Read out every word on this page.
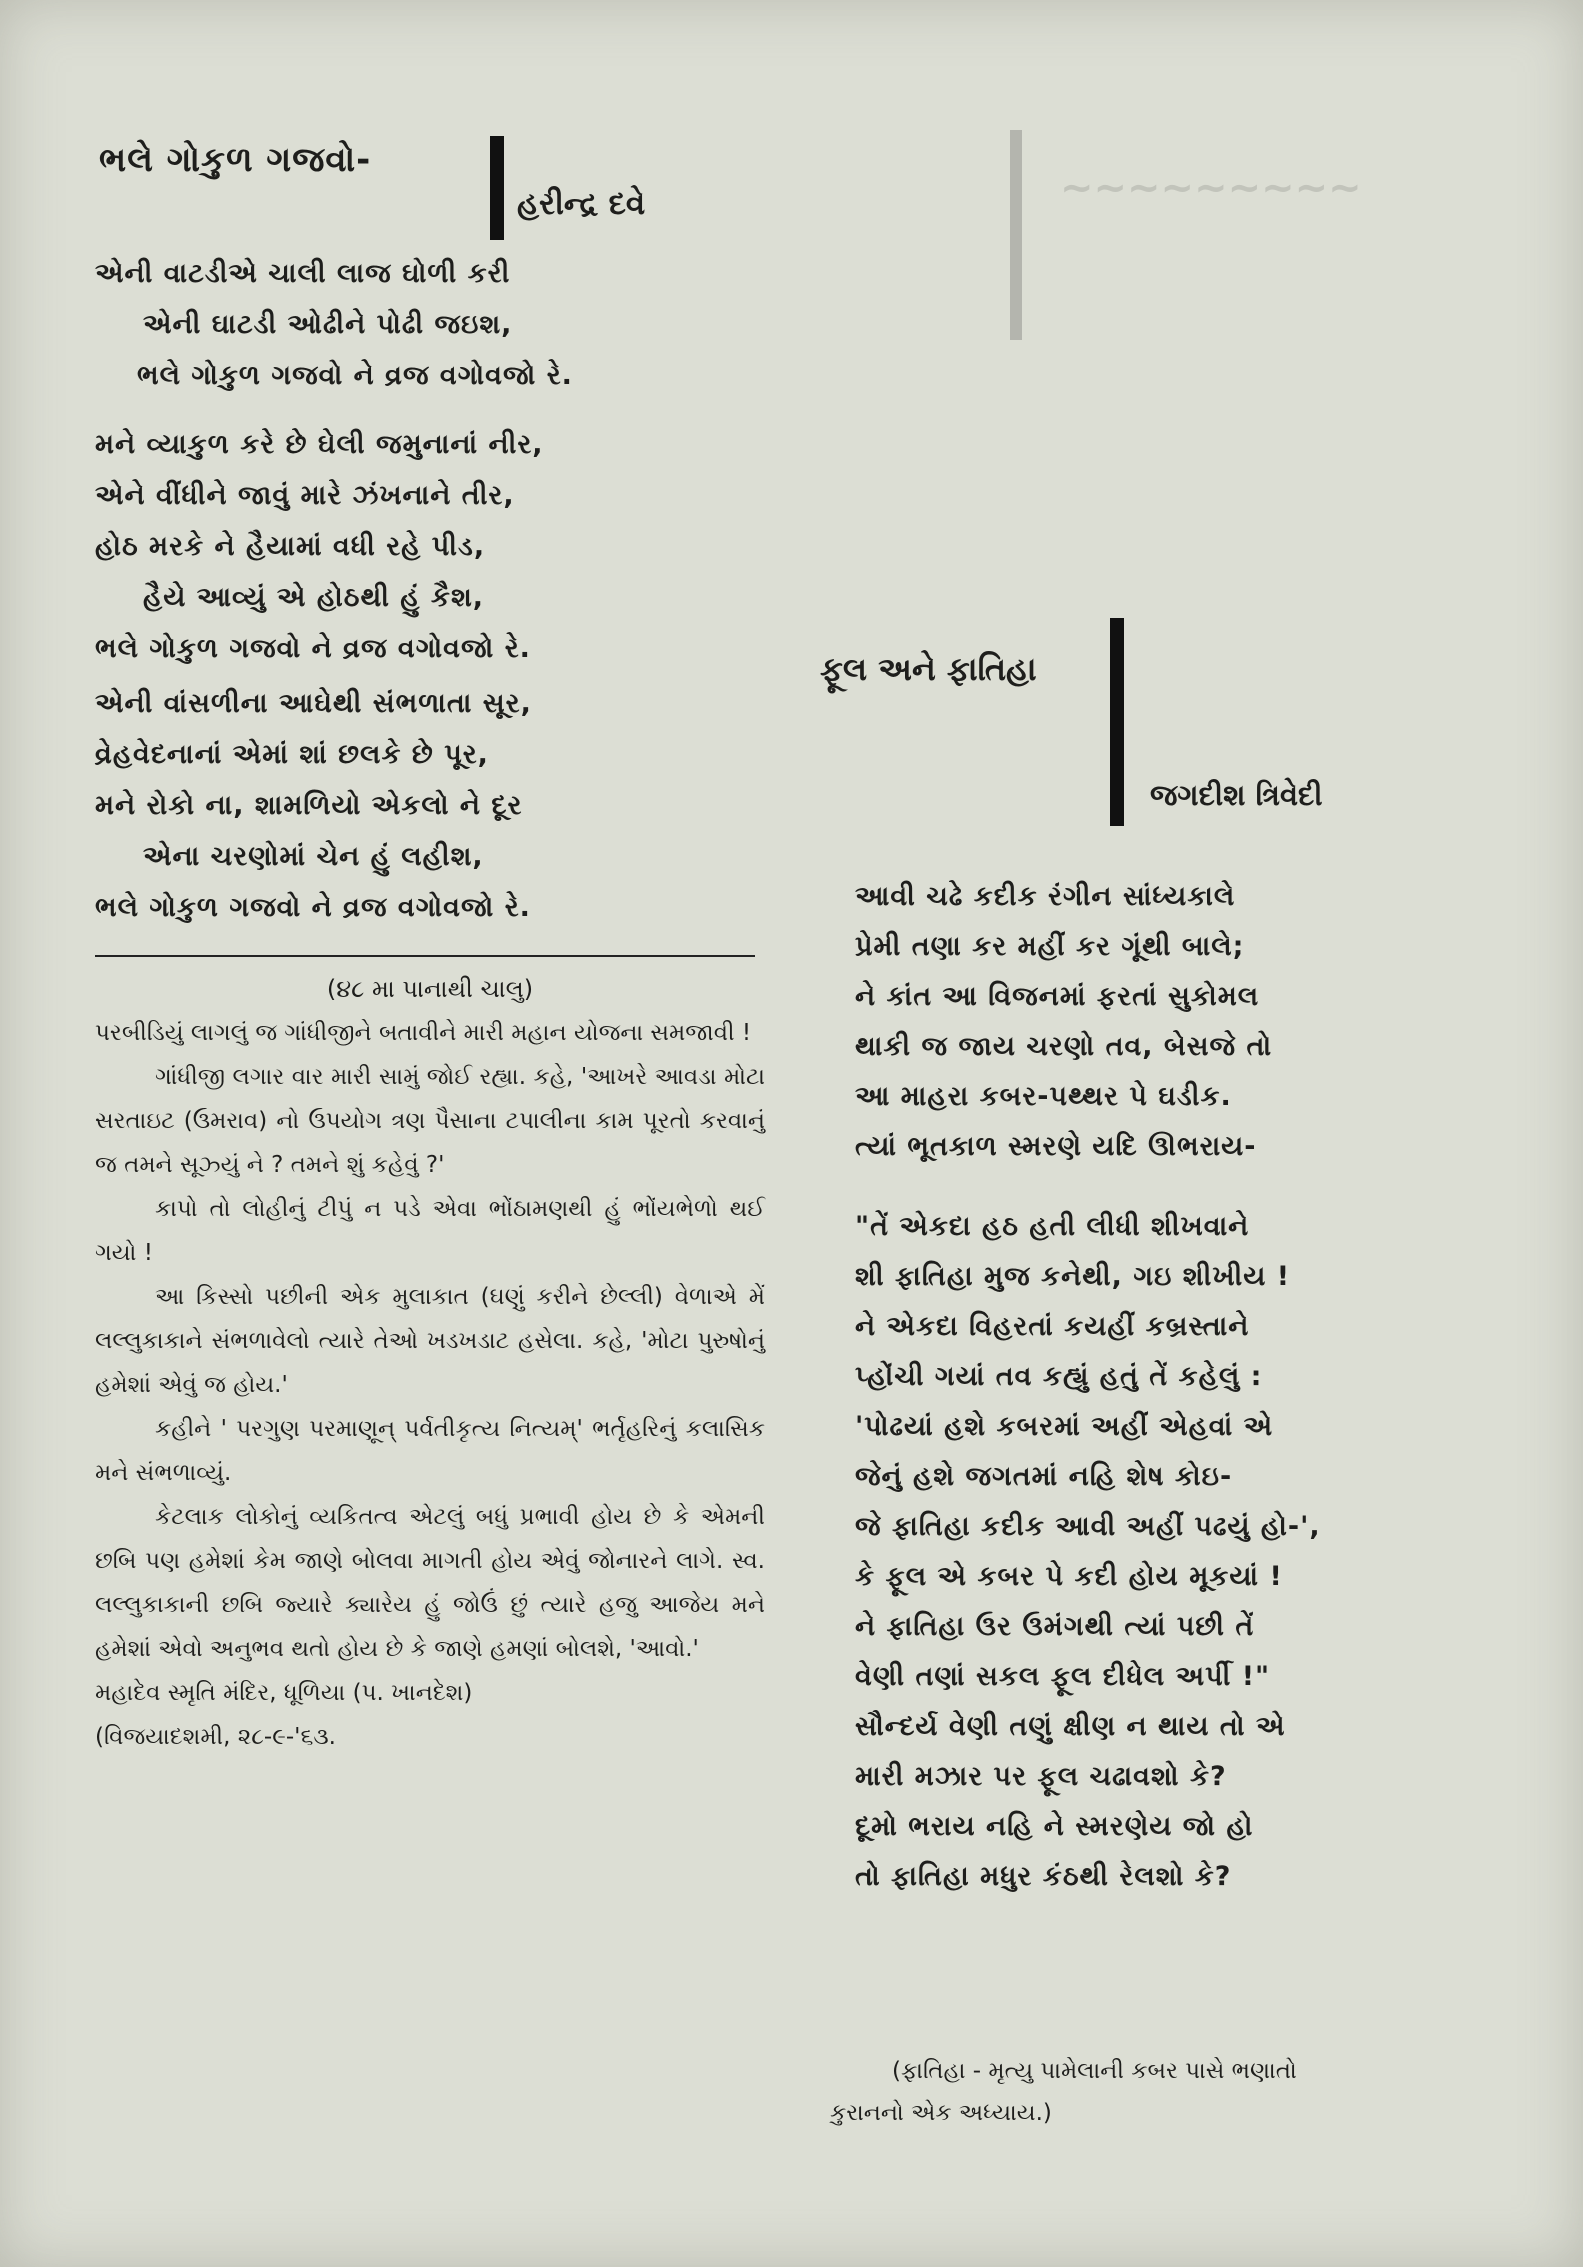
~~~~~~~~~
ભલે ગોકુળ ગજવો-
હરીન્દ્ર દવે
એની વાટડીએ ચાલી લાજ ઘોળી કરી
એની ઘાટડી ઓઢીને પોઢી જઇશ,
ભલે ગોકુળ ગજવો ને વ્રજ વગોવજો રે.
મને વ્યાકુળ કરે છે ઘેલી જમુનાનાં નીર,
એને વીંધીને જાવું મારે ઝંખનાને તીર,
હોઠ મરકે ને હૈયામાં વધી રહે પીડ,
હૈયે આવ્યું એ હોઠથી હું કૈશ,
ભલે ગોકુળ ગજવો ને વ્રજ વગોવજો રે.
એની વાંસળીના આઘેથી સંભળાતા સૂર,
વ્રેહવેદનાનાં એમાં શાં છલકે છે પૂર,
મને રોકો ના, શામળિયો એકલો ને દૂર
એના ચરણોમાં ચેન હું લહીશ,
ભલે ગોકુળ ગજવો ને વ્રજ વગોવજો રે.
(૪૮ મા પાનાથી ચાલુ)

પરબીડિયું લાગલું જ ગાંધીજીને બતાવીને મારી મહાન યોજના સમજાવી !

ગાંધીજી લગાર વાર મારી સામું જોઈ રહ્યા. કહે, 'આખરે આવડા મોટા સરતાઇટ (ઉમરાવ) નો ઉપયોગ ત્રણ પૈસાના ટપાલીના કામ પૂરતો કરવાનું જ તમને સૂઝ્યું ને ? તમને શું કહેવું ?'

કાપો તો લોહીનું ટીપું ન પડે એવા ભોંઠામણથી હું ભોંયભેળો થઈ ગયો !

આ કિસ્સો પછીની એક મુલાકાત (ઘણું કરીને છેલ્લી) વેળાએ મેં લલ્લુકાકાને સંભળાવેલો ત્યારે તેઓ ખડખડાટ હસેલા. કહે, 'મોટા પુરુષોનું હમેશાં એવું જ હોય.'

કહીને ' પરગુણ પરમાણૂન્ પર્વતીકૃત્ય નિત્યમ્' ભર્તૃહરિનું કલાસિક મને સંભળાવ્યું.

કેટલાક લોકોનું વ્યકિતત્વ એટલું બધું પ્રભાવી હોય છે કે એમની છબિ પણ હમેશાં કેમ જાણે બોલવા માગતી હોય એવું જોનારને લાગે. સ્વ. લલ્લુકાકાની છબિ જ્યારે ક્યારેય હું જોઉં છું ત્યારે હજુ આજેય મને હમેશાં એવો અનુભવ થતો હોય છે કે જાણે હમણાં બોલશે, 'આવો.'

મહાદેવ સ્મૃતિ મંદિર, ધૂળિયા (પ. ખાનદેશ)
(વિજયાદશમી, ૨૮-૯-'૬૩.
ફૂલ અને ફાતિહા
જગદીશ ત્રિવેદી
આવી ચઢે કદીક રંગીન સાંધ્યકાલે
પ્રેમી તણા કર મહીં કર ગૂંથી બાલે;
ને કાંત આ વિજનમાં ફરતાં સુકોમલ
થાકી જ જાય ચરણો તવ, બેસજે તો
આ માહરા કબર-પથ્થર પે ઘડીક.
ત્યાં ભૂતકાળ સ્મરણે યદિ ઊભરાય-
"તેં એકદા હઠ હતી લીધી શીખવાને
શી ફાતિહા મુજ કનેથી, ગઇ શીખીય !
ને એકદા વિહરતાં કયહીં કબ્રસ્તાને
પ્હોંચી ગયાં તવ કહ્યું હતું તેં કહેલું :
'પોઢયાં હશે કબરમાં અહીં એહવાં એ
જેનું હશે જગતમાં નહિ શેષ કોઇ-
જે ફાતિહા કદીક આવી અહીં પઢયું હો-',
કે ફૂલ એ કબર પે કદી હોય મૂકયાં !
ને ફાતિહા ઉર ઉમંગથી ત્યાં પછી તેં
વેણી તણાં સકલ ફૂલ દીધેલ અર્પી !"
સૌન્દર્ય વેણી તણું ક્ષીણ ન થાય તો એ
મારી મઝાર પર ફૂલ ચઢાવશો કે?
દૂમો ભરાય નહિ ને સ્મરણેય જો હો
તો ફાતિહા મધુર કંઠથી રેલશો કે?
(ફાતિહા - મૃત્યુ પામેલાની કબર પાસે ભણાતો
કુરાનનો એક અધ્યાય.)
